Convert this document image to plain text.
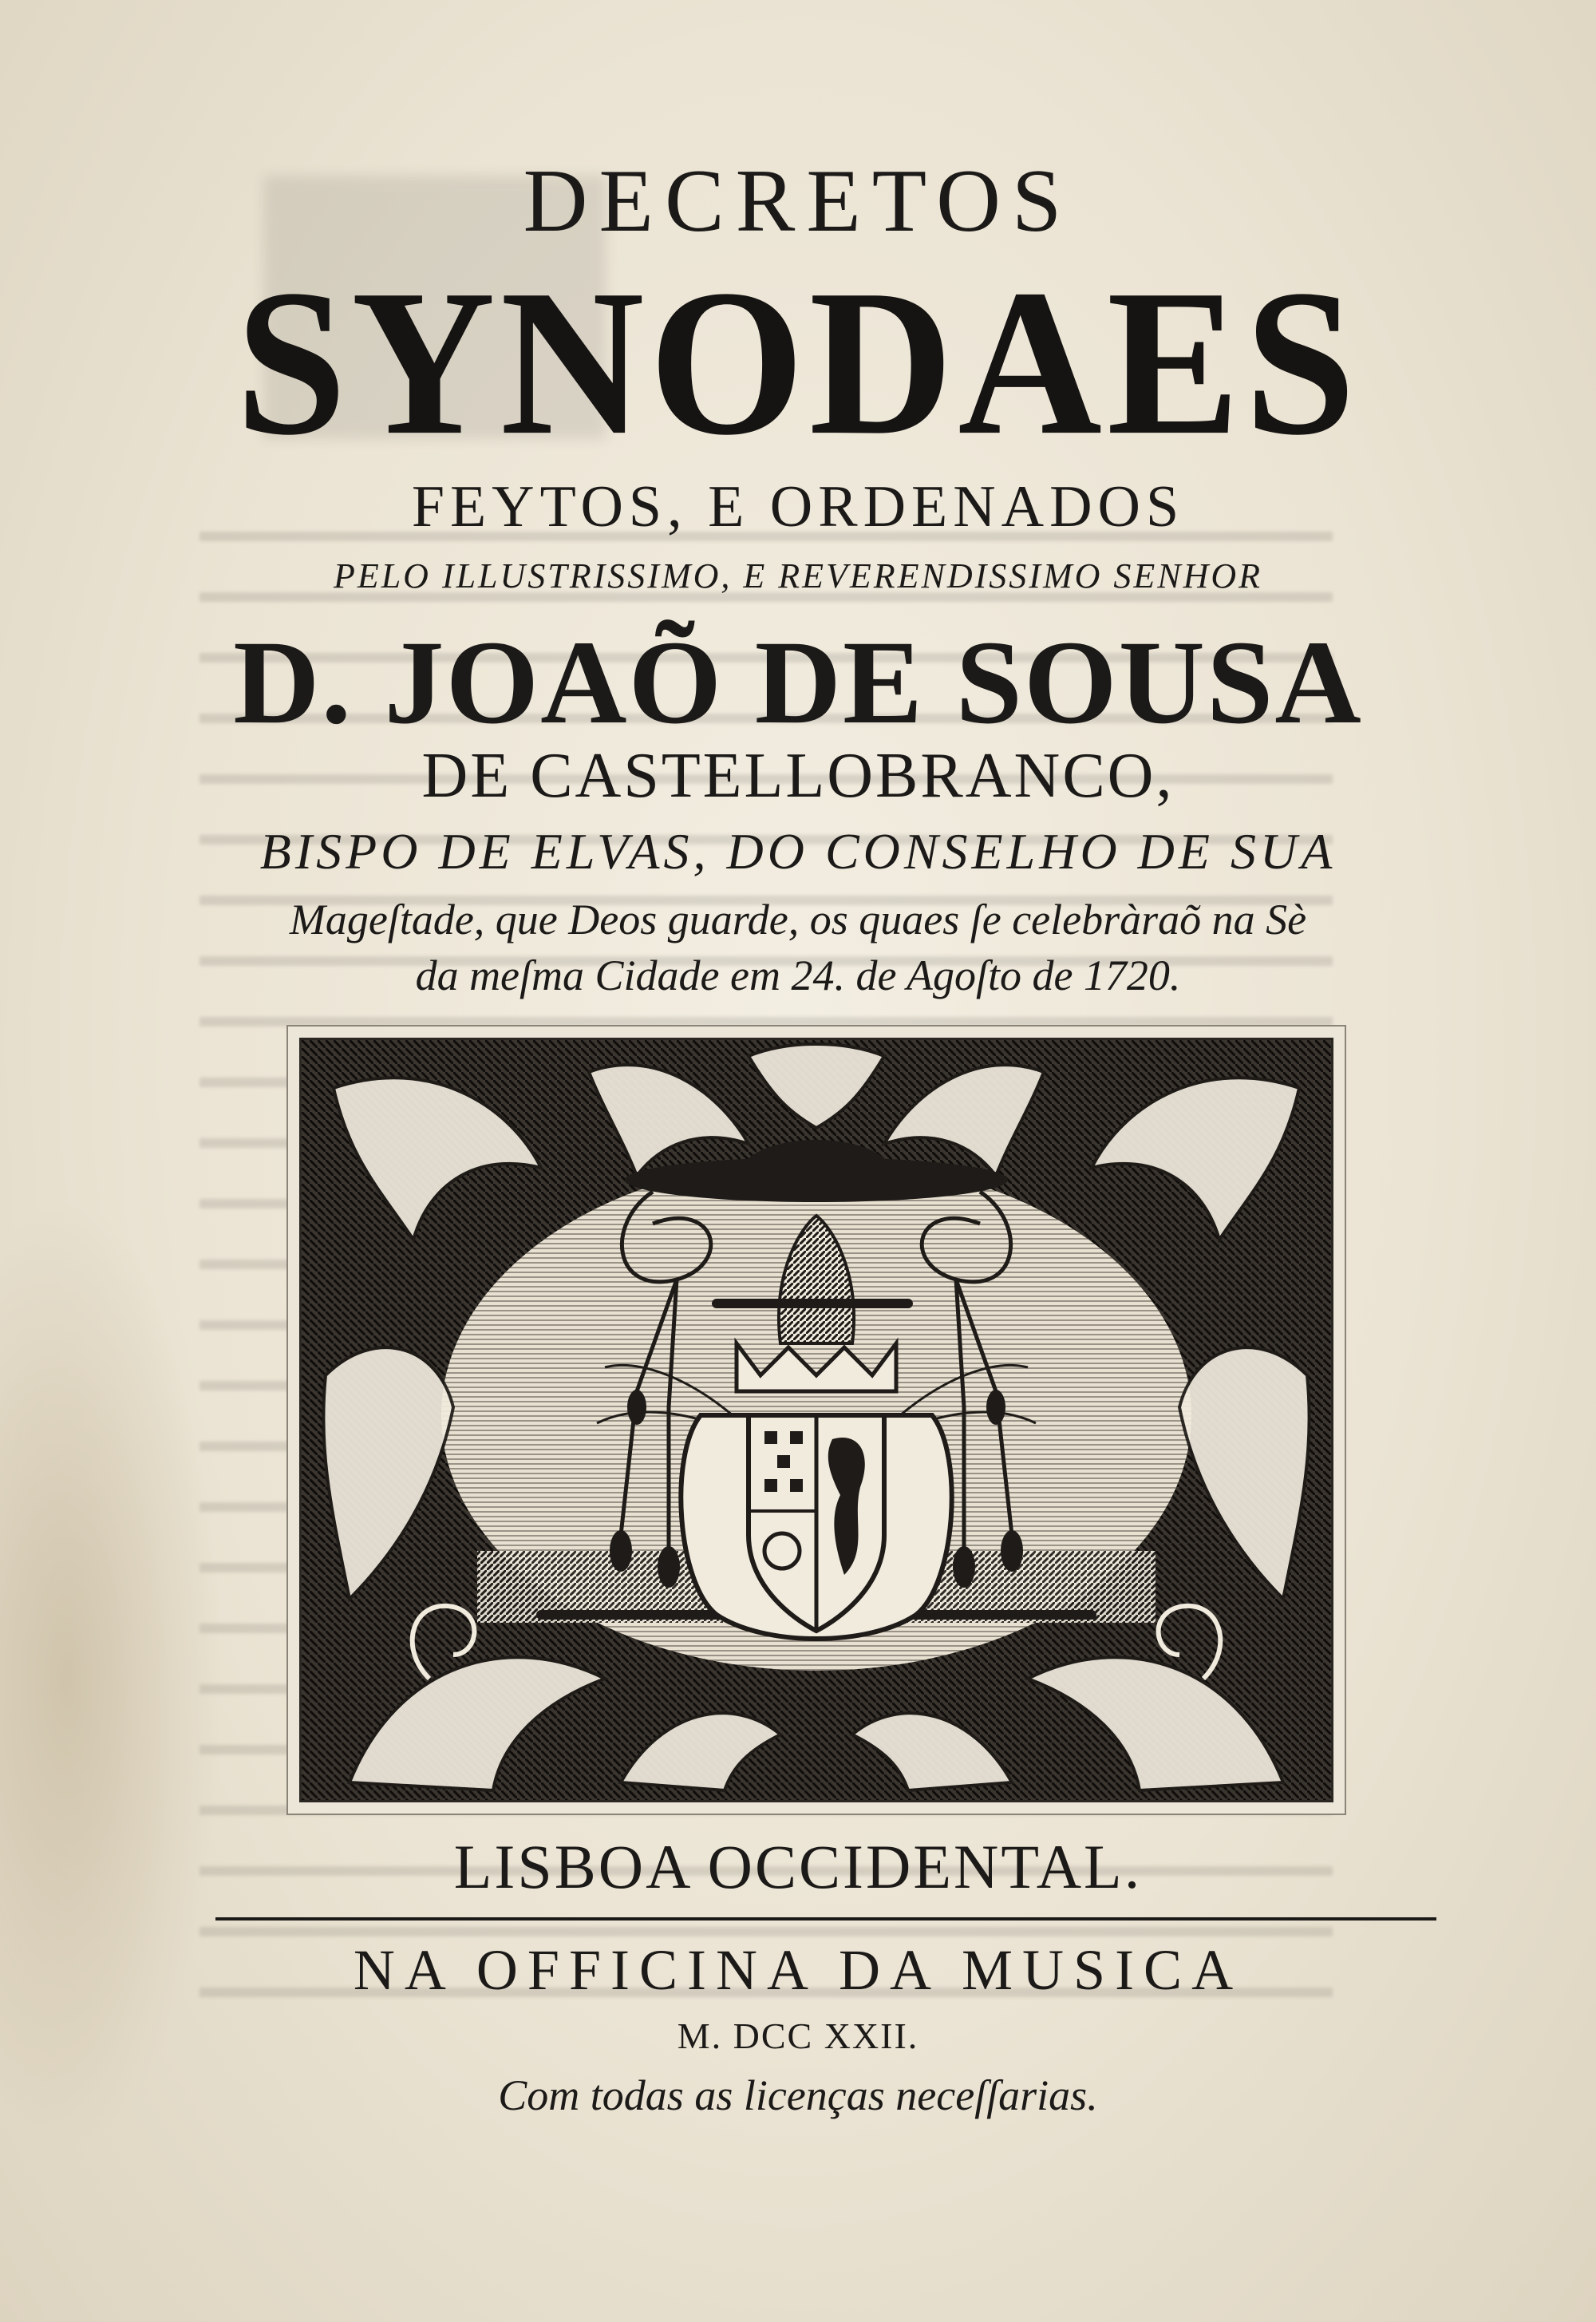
DECRETOS
SYNODAES
FEYTOS, E ORDENADOS
PELO ILLUSTRISSIMO, E REVERENDISSIMO SENHOR
D. JOAÕ DE SOUSA
DE CASTELLOBRANCO,
BISPO DE ELVAS, DO CONSELHO DE SUA
Mageſtade, que Deos guarde, os quaes ſe celebràraõ na Sè
da meſma Cidade em 24. de Agoſto de 1720.
LISBOA OCCIDENTAL.
NA OFFICINA DA MUSICA
M. DCC XXII.
Com todas as licenças neceſſarias.
